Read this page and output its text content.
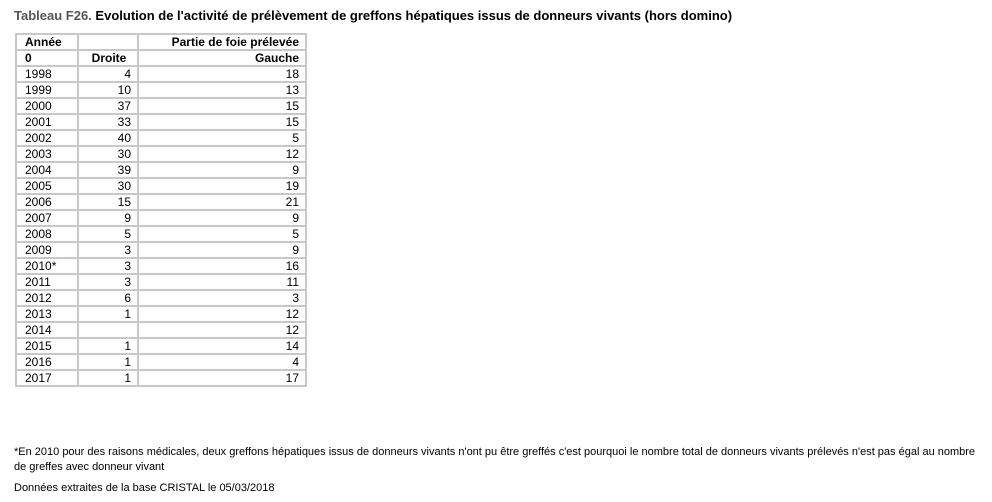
Tableau F26. Evolution de l'activité de prélèvement de greffons hépatiques issus de donneurs vivants (hors domino)
Année		Partie de foie prélevée
0	Droite	Gauche
1998	4	18
1999	10	13
2000	37	15
2001	33	15
2002	40	5
2003	30	12
2004	39	9
2005	30	19
2006	15	21
2007	9	9
2008	5	5
2009	3	9
2010*	3	16
2011	3	11
2012	6	3
2013	1	12
2014		12
2015	1	14
2016	1	4
2017	1	17
*En 2010 pour des raisons médicales, deux greffons hépatiques issus de donneurs vivants n'ont pu être greffés c'est pourquoi le nombre total de donneurs vivants prélevés n'est pas égal au nombre de greffes avec donneur vivant
Données extraites de la base CRISTAL le 05/03/2018
